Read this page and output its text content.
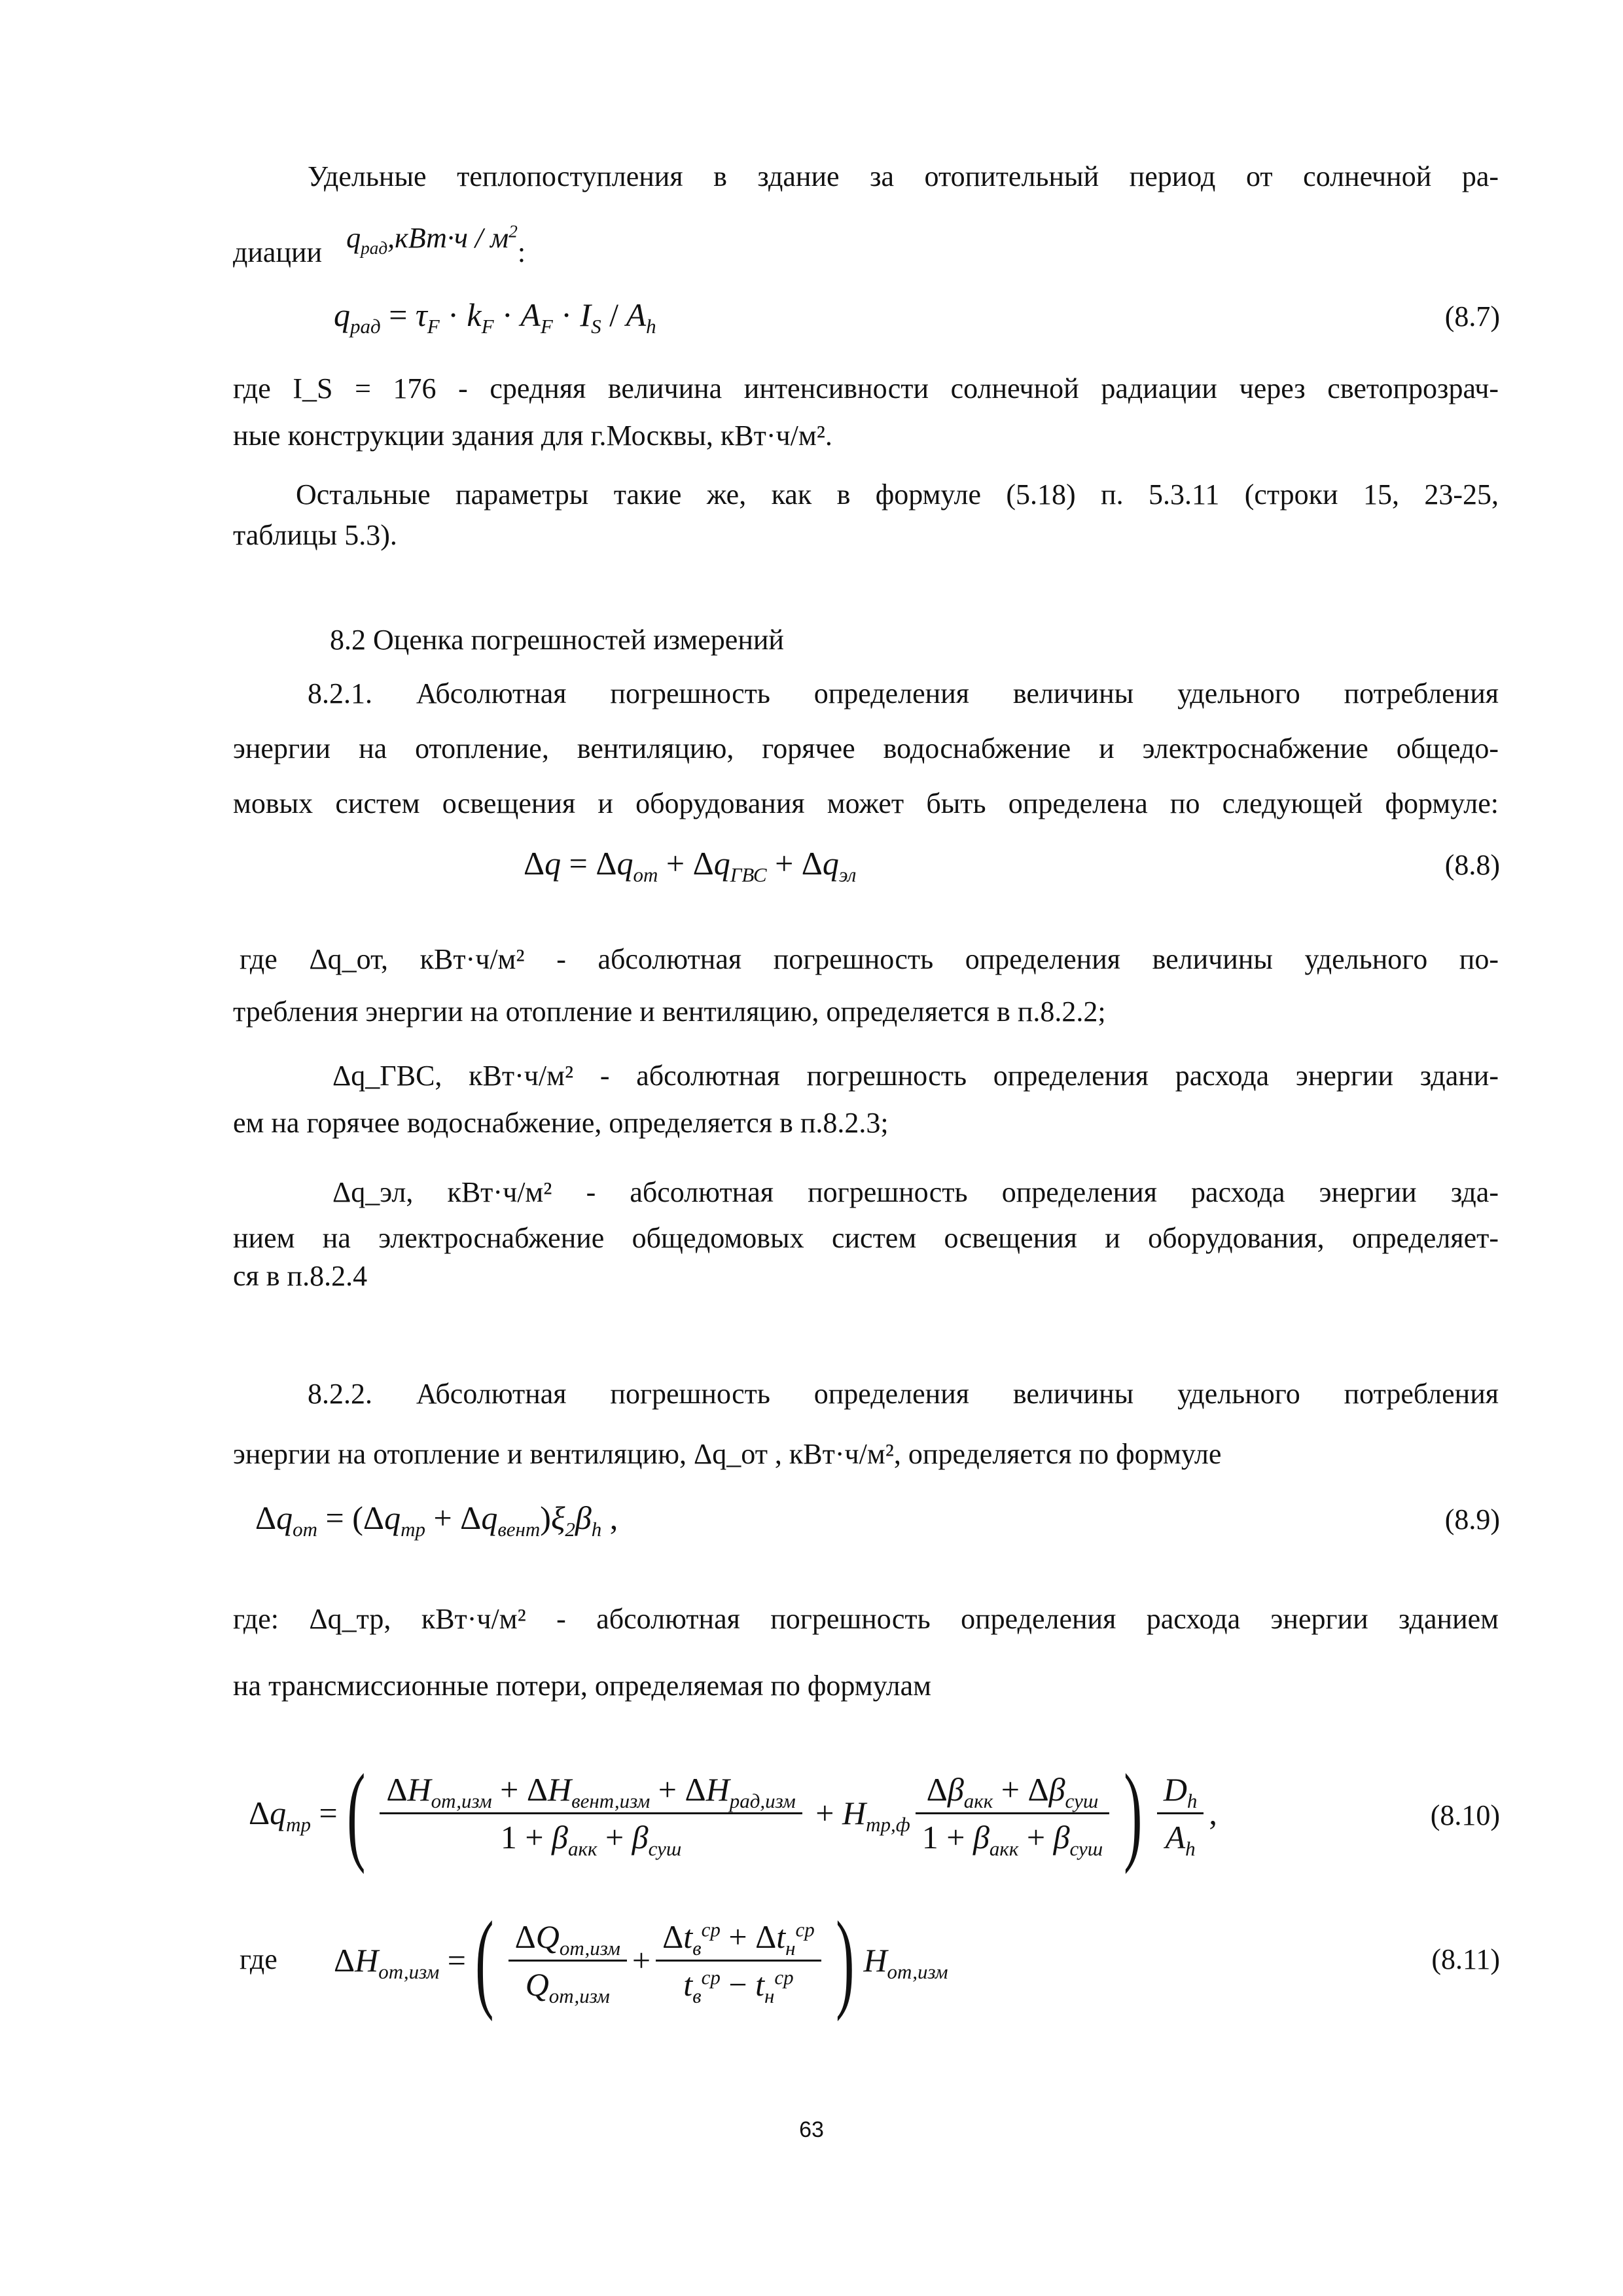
Удельные теплопоступления в здание за отопительный период от солнечной ра-
диации $q_{рад},кВт\cdot ч / м^2$:
$q_{рад} = \tau_F \cdot k_F \cdot A_F \cdot I_S / A_h$	(8.7)
где I_S = 176 - средняя величина интенсивности солнечной радиации через светопрозрач-
ные конструкции здания для г.Москвы, кВт·ч/м².
Остальные параметры такие же, как в формуле (5.18) п. 5.3.11 (строки 15, 23-25,
таблицы 5.3).
8.2 Оценка погрешностей измерений
8.2.1. Абсолютная погрешность определения величины удельного потребления
энергии на отопление, вентиляцию, горячее водоснабжение и электроснабжение общедо-
мовых систем освещения и оборудования может быть определена по следующей формуле:
$\Delta q = \Delta q_{от} + \Delta q_{ГВС} + \Delta q_{эл}$	(8.8)
где Δq_от, кВт·ч/м² - абсолютная погрешность определения величины удельного по-
требления энергии на отопление и вентиляцию, определяется в п.8.2.2;
Δq_ГВС, кВт·ч/м² - абсолютная погрешность определения расхода энергии здани-
ем на горячее водоснабжение, определяется в п.8.2.3;
Δq_эл, кВт·ч/м² - абсолютная погрешность определения расхода энергии зда-
нием на электроснабжение общедомовых систем освещения и оборудования, определяет-
ся в п.8.2.4
8.2.2. Абсолютная погрешность определения величины удельного потребления
энергии на отопление и вентиляцию, Δq_от , кВт·ч/м², определяется по формуле
$\Delta q_{от} = (\Delta q_{тр} + \Delta q_{вент})\xi_2\beta_h$ ,	(8.9)
где: Δq_тр, кВт·ч/м² - абсолютная погрешность определения расхода энергии зданием
на трансмиссионные потери, определяемая по формулам
$\Delta q_{тр}$ = ( $\frac{\Delta H_{от,изм} + \Delta H_{вент,изм} + \Delta H_{рад,изм}}{1 + \beta_{акк} + \beta_{суш}} + H_{тр,ф} \frac{\Delta\beta_{акк} + \Delta\beta_{суш}}{1 + \beta_{акк} + \beta_{суш}}$ ) $\frac{D_h}{A_h}$ ,	(8.10)
где $\Delta H_{от,изм}$ = ( $\frac{\Delta Q_{от,изм}}{Q_{от,изм}} + \frac{\Delta t_в^{ср} + \Delta t_н^{ср}}{t_в^{ср} - t_н^{ср}}$ ) $H_{от,изм}$	(8.11)
63
